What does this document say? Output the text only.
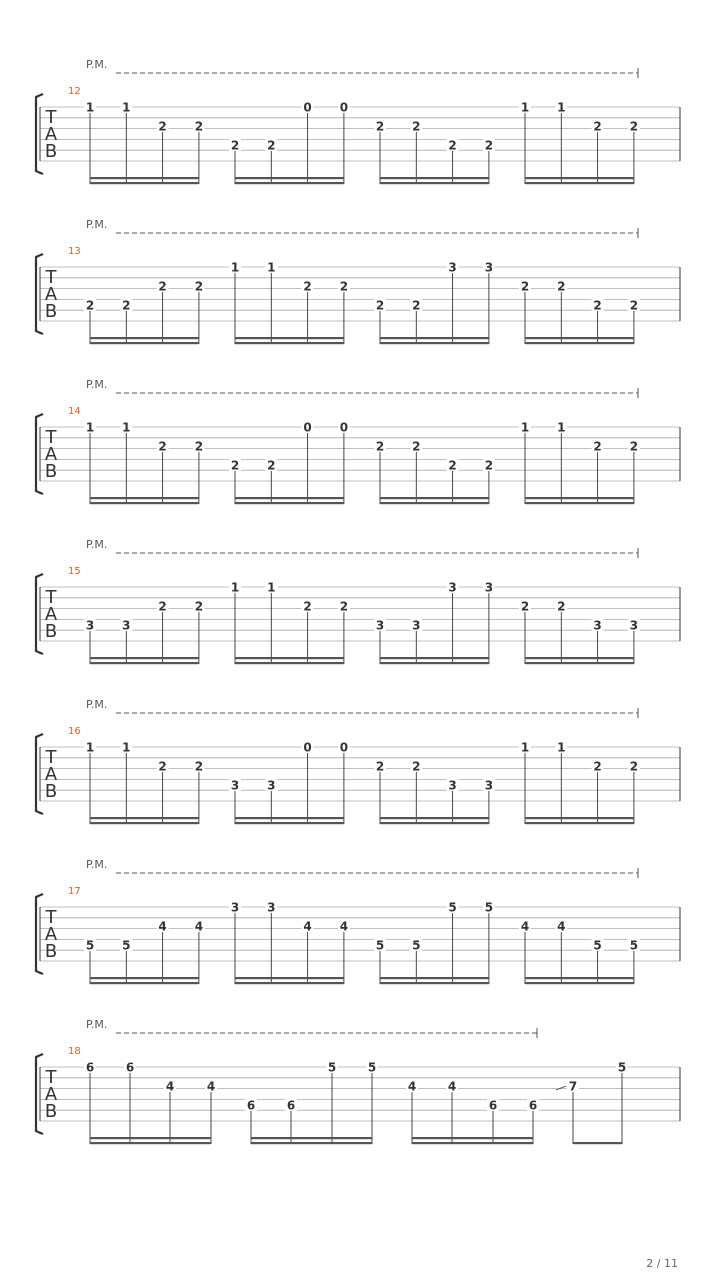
P.M.
12
T
A
B
1 1
2 2
2 2
0 0
2 2
2 2
1 1
2 2
P.M.
13
T
A
B 2 2
2 2
1 1
2 2
2 2
3 3
2 2
2 2
P.M.
14
T
A
B
1 1
2 2
2 2
0 0
2 2
2 2
1 1
2 2
P.M.
15
T
A
B 3 3
2 2
1 1
2 2
3 3
3 3
2 2
3 3
P.M.
16
T
A
B
1 1
2 2
3 3
0 0
2 2
3 3
1 1
2 2
P.M.
17
T
A
B 5 5
4 4
3 3
4 4
5 5
5 5
4 4
5 5
P.M.
18
T
A
B
6	6
4	4
6	6
5	5
4	4
6	6
7
5
2 / 11
